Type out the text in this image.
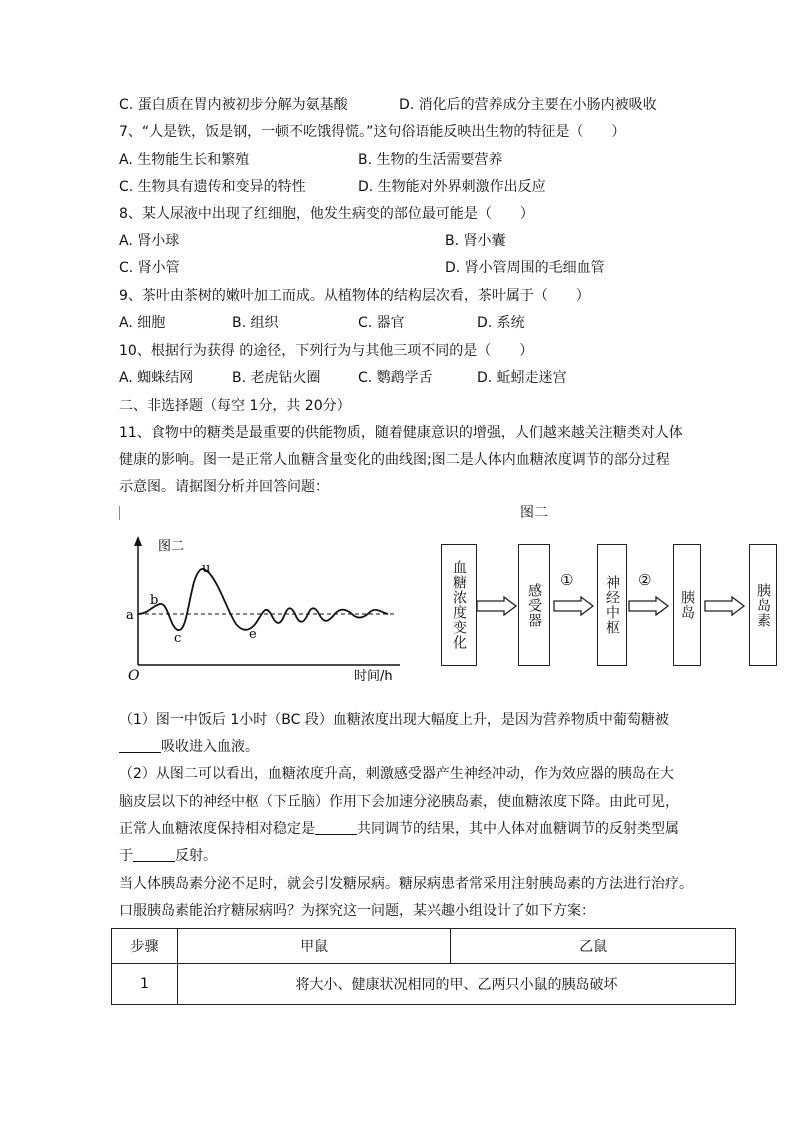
C. 蛋白质在胃内被初步分解为氨基酸	D. 消化后的营养成分主要在小肠内被吸收
7、“人是铁，饭是钢，一顿不吃饿得慌。”这句俗语能反映出生物的特征是（　　）
A. 生物能生长和繁殖	B. 生物的生活需要营养
C. 生物具有遗传和变异的特性	D. 生物能对外界刺激作出反应
8、某人尿液中出现了红细胞，他发生病变的部位最可能是（　　）
A. 肾小球	B. 肾小囊
C. 肾小管	D. 肾小管周围的毛细血管
9、茶叶由茶树的嫩叶加工而成。从植物体的结构层次看，茶叶属于（　　）
A. 细胞	B. 组织	C. 器官	D. 系统
10、根据行为获得 的途径，下列行为与其他三项不同的是（　　）
A. 蜘蛛结网	B. 老虎钻火圈	C. 鹦鹉学舌	D. 蚯蚓走迷宫
二、非选择题（每空 1分，共 20分）
11、食物中的糖类是最重要的供能物质，随着健康意识的增强，人们越来越关注糖类对人体
健康的影响。图一是正常人血糖含量变化的曲线图;图二是人体内血糖浓度调节的部分过程
示意图。请据图分析并回答问题：
图二
a
b
c
u
e
O	时间/h
图二
血糖浓度变化	感受器	神经中枢	胰岛	胰岛素
①	②
（1）图一中饭后 1小时（BC 段）血糖浓度出现大幅度上升，是因为营养物质中葡萄糖被
吸收进入血液。
（2）从图二可以看出，血糖浓度升高，刺激感受器产生神经冲动，作为效应器的胰岛在大
脑皮层以下的神经中枢（下丘脑）作用下会加速分泌胰岛素，使血糖浓度下降。由此可见，
正常人血糖浓度保持相对稳定是	共同调节的结果，其中人体对血糖调节的反射类型属
于	反射。
当人体胰岛素分泌不足时，就会引发糖尿病。糖尿病患者常采用注射胰岛素的方法进行治疗。
口服胰岛素能治疗糖尿病吗？为探究这一问题，某兴趣小组设计了如下方案：
步骤	甲鼠	乙鼠
1	将大小、健康状况相同的甲、乙两只小鼠的胰岛破坏	
